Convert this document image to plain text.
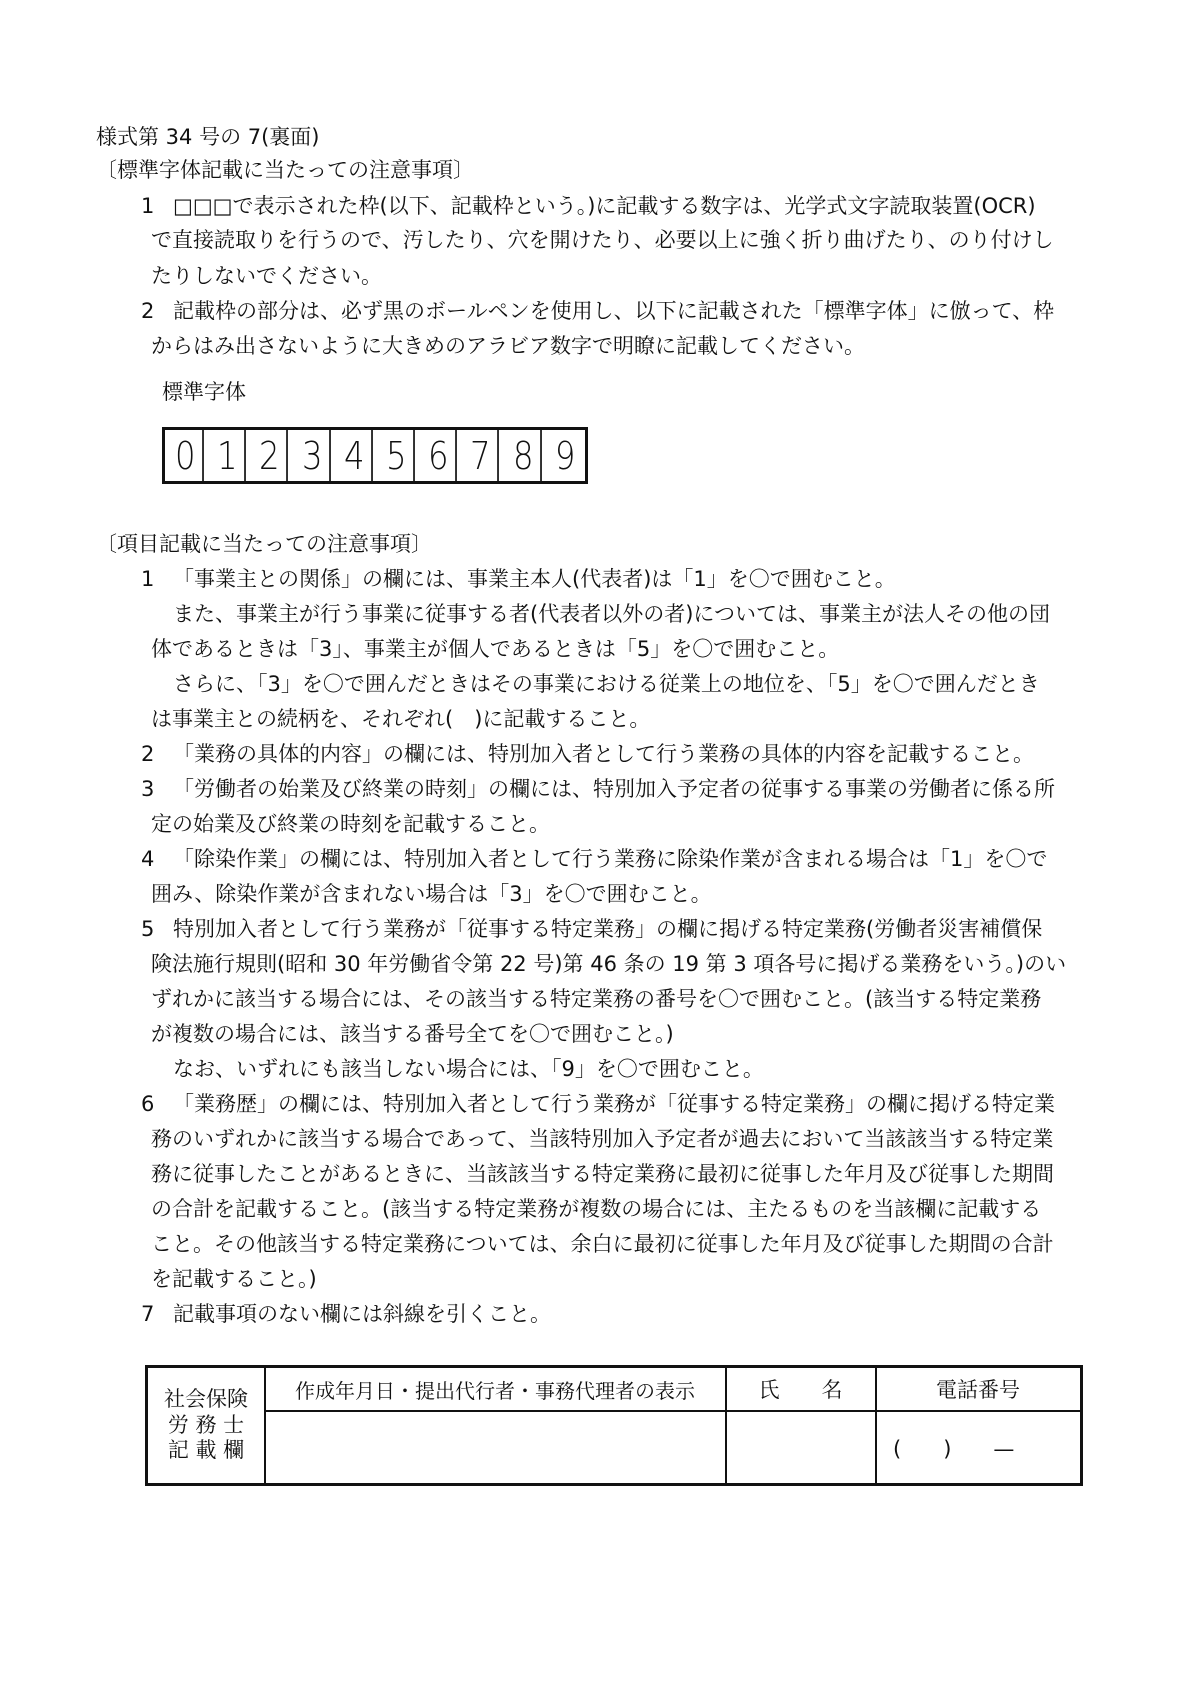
様式第 34 号の 7(裏面)
〔標準字体記載に当たっての注意事項〕
1 □□□で表示された枠(以下、記載枠という。)に記載する数字は、光学式文字読取装置(OCR)
で直接読取りを行うので、汚したり、穴を開けたり、必要以上に強く折り曲げたり、のり付けし
たりしないでください。
2 記載枠の部分は、必ず黒のボールペンを使用し、以下に記載された「標準字体」に倣って、枠
からはみ出さないように大きめのアラビア数字で明瞭に記載してください。
標準字体
0 1 2 3 4 5 6 7 8 9
〔項目記載に当たっての注意事項〕
1 「事業主との関係」の欄には、事業主本人(代表者)は「1」を〇で囲むこと。
また、事業主が行う事業に従事する者(代表者以外の者)については、事業主が法人その他の団
体であるときは「3」、事業主が個人であるときは「5」を〇で囲むこと。
さらに、「3」を〇で囲んだときはその事業における従業上の地位を、「5」を〇で囲んだとき
は事業主との続柄を、それぞれ(　)に記載すること。
2 「業務の具体的内容」の欄には、特別加入者として行う業務の具体的内容を記載すること。
3 「労働者の始業及び終業の時刻」の欄には、特別加入予定者の従事する事業の労働者に係る所
定の始業及び終業の時刻を記載すること。
4 「除染作業」の欄には、特別加入者として行う業務に除染作業が含まれる場合は「1」を〇で
囲み、除染作業が含まれない場合は「3」を〇で囲むこと。
5 特別加入者として行う業務が「従事する特定業務」の欄に掲げる特定業務(労働者災害補償保
険法施行規則(昭和 30 年労働省令第 22 号)第 46 条の 19 第 3 項各号に掲げる業務をいう。)のい
ずれかに該当する場合には、その該当する特定業務の番号を〇で囲むこと。(該当する特定業務
が複数の場合には、該当する番号全てを〇で囲むこと。)
なお、いずれにも該当しない場合には、「9」を〇で囲むこと。
6 「業務歴」の欄には、特別加入者として行う業務が「従事する特定業務」の欄に掲げる特定業
務のいずれかに該当する場合であって、当該特別加入予定者が過去において当該該当する特定業
務に従事したことがあるときに、当該該当する特定業務に最初に従事した年月及び従事した期間
の合計を記載すること。(該当する特定業務が複数の場合には、主たるものを当該欄に記載する
こと。その他該当する特定業務については、余白に最初に従事した年月及び従事した期間の合計
を記載すること。)
7 記載事項のない欄には斜線を引くこと。
社会保険
労 務 士
記 載 欄
作成年月日・提出代行者・事務代理者の表示	氏　　名	電話番号
(　　)　　—
